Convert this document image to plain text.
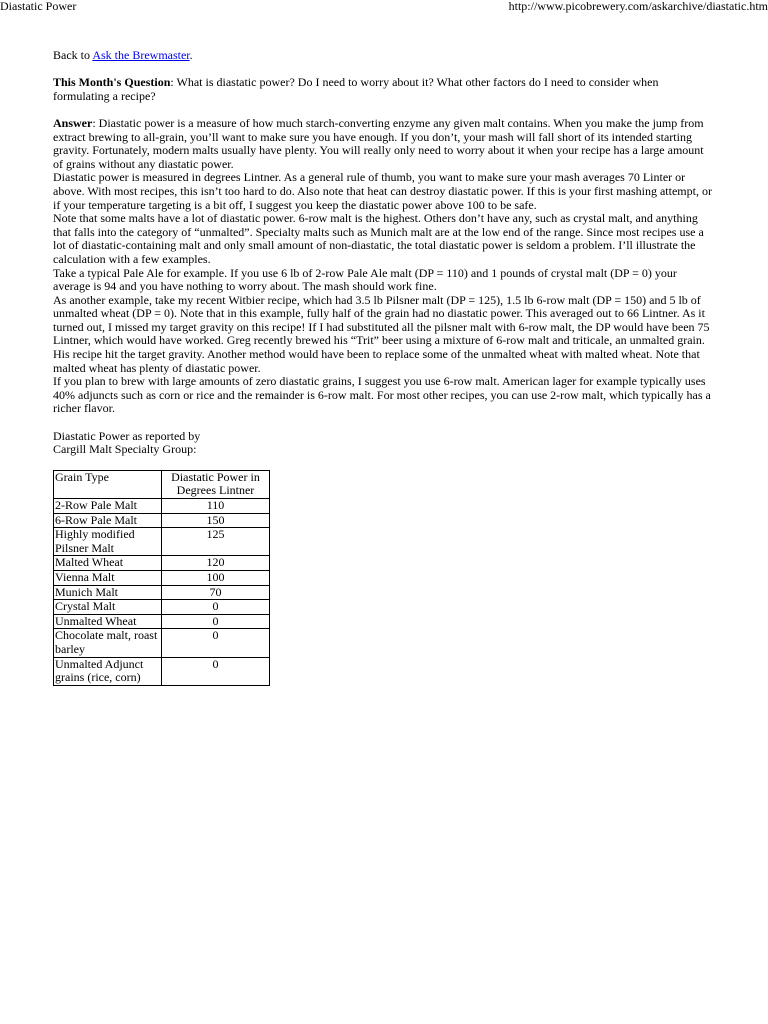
Diastatic Power	http://www.picobrewery.com/askarchive/diastatic.htm

Back to Ask the Brewmaster.

This Month's Question: What is diastatic power? Do I need to worry about it? What other factors do I need to consider when formulating a recipe?

Answer: Diastatic power is a measure of how much starch-converting enzyme any given malt contains. When you make the jump from extract brewing to all-grain, you’ll want to make sure you have enough. If you don’t, your mash will fall short of its intended starting gravity. Fortunately, modern malts usually have plenty. You will really only need to worry about it when your recipe has a large amount of grains without any diastatic power.

Diastatic power is measured in degrees Lintner. As a general rule of thumb, you want to make sure your mash averages 70 Linter or above. With most recipes, this isn’t too hard to do. Also note that heat can destroy diastatic power. If this is your first mashing attempt, or if your temperature targeting is a bit off, I suggest you keep the diastatic power above 100 to be safe.

Note that some malts have a lot of diastatic power. 6-row malt is the highest. Others don’t have any, such as crystal malt, and anything that falls into the category of “unmalted”. Specialty malts such as Munich malt are at the low end of the range. Since most recipes use a lot of diastatic-containing malt and only small amount of non-diastatic, the total diastatic power is seldom a problem. I’ll illustrate the calculation with a few examples.

Take a typical Pale Ale for example. If you use 6 lb of 2-row Pale Ale malt (DP = 110) and 1 pounds of crystal malt (DP = 0) your average is 94 and you have nothing to worry about. The mash should work fine.

As another example, take my recent Witbier recipe, which had 3.5 lb Pilsner malt (DP = 125), 1.5 lb 6-row malt (DP = 150) and 5 lb of unmalted wheat (DP = 0). Note that in this example, fully half of the grain had no diastatic power. This averaged out to 66 Lintner. As it turned out, I missed my target gravity on this recipe! If I had substituted all the pilsner malt with 6-row malt, the DP would have been 75 Lintner, which would have worked. Greg recently brewed his “Trit” beer using a mixture of 6-row malt and triticale, an unmalted grain. His recipe hit the target gravity. Another method would have been to replace some of the unmalted wheat with malted wheat. Note that malted wheat has plenty of diastatic power.

If you plan to brew with large amounts of zero diastatic grains, I suggest you use 6-row malt. American lager for example typically uses 40% adjuncts such as corn or rice and the remainder is 6-row malt. For most other recipes, you can use 2-row malt, which typically has a richer flavor.

Diastatic Power as reported by

Cargill Malt Specialty Group:

Grain Type	Diastatic Power in Degrees Lintner
2-Row Pale Malt	110
6-Row Pale Malt	150
Highly modified Pilsner Malt	125
Malted Wheat	120
Vienna Malt	100
Munich Malt	70
Crystal Malt	0
Unmalted Wheat	0
Chocolate malt, roast barley	0
Unmalted Adjunct grains (rice, corn)	0
